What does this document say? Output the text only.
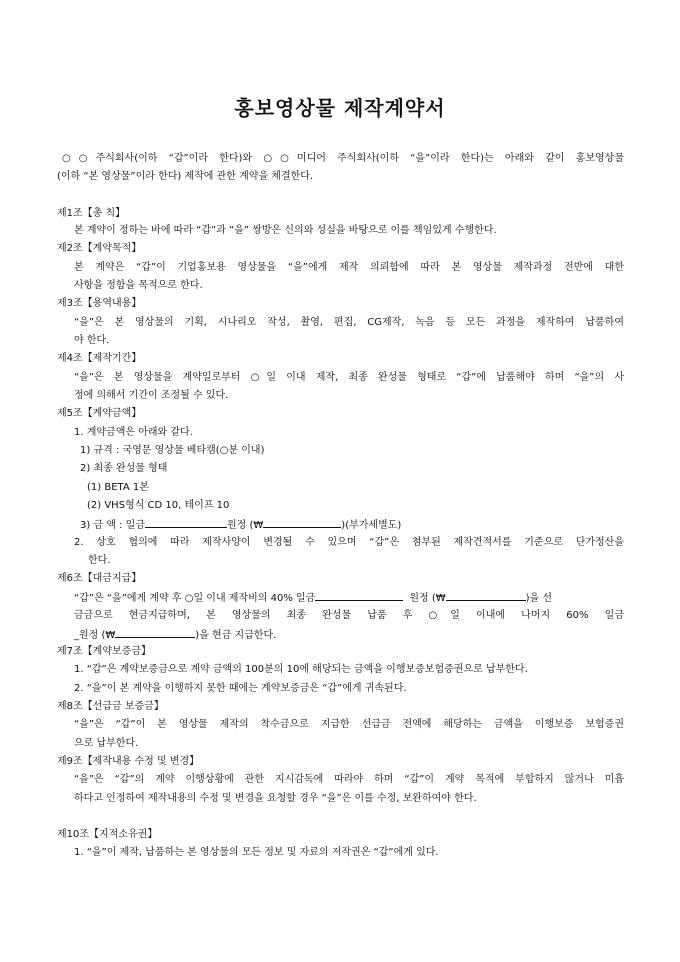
홍보영상물 제작계약서

○○주식회사(이하 “갑”이라 한다)와 ○○미디어 주식회사(이하 “을”이라 한다)는 아래와 같이 홍보영상물

(이하 “본 영상물”이라 한다) 제작에 관한 계약을 체결한다.

제1조【총 칙】

본 계약이 정하는 바에 따라 “갑”과 “을” 쌍방은 신의와 성실을 바탕으로 이를 책임있게 수행한다.

제2조【계약목적】

본 계약은 “갑”이 기업홍보용 영상물을 “을”에게 제작 의뢰함에 따라 본 영상물 제작과정 전반에 대한

사항을 정함을 목적으로 한다.

제3조【용역내용】

“을”은 본 영상물의 기획, 시나리오 작성, 촬영, 편집, CG제작, 녹음 등 모든 과정을 제작하여 납품하여

야 한다.

제4조【제작기간】

“을”은 본 영상물을 계약일로부터 ○일 이내 제작, 최종 완성물 형태로 “갑”에 납품해야 하며 “을”의 사

정에 의해서 기간이 조정될 수 있다.

제5조【계약금액】

1. 계약금액은 아래와 같다.

1) 규격 : 국영문 영상물 베타캠(○분 이내)

2) 최종 완성물 형태

(1) BETA 1본

(2) VHS형식 CD 10, 테이프 10

3) 금 액 : 일금	원정 (₩	)(부가세별도)

2. 상호 협의에 따라 제작사양이 변경될 수 있으며 “갑”은 첨부된 제작견적서를 기준으로 단가정산을

한다.

제6조【대금지급】

“갑”은 “을”에게 계약 후 ○일 이내 제작비의 40% 일금	원정 (₩	)을 선

금금으로 현금지급하며, 본 영상물의 최종 완성물 납품 후 ○일 이내에 나머지 60% 일금

_원정 (₩	)을 현금 지급한다.

제7조【계약보증금】

1. “갑”은 계약보증금으로 계약 금액의 100분의 10에 해당되는 금액을 이행보증보험증권으로 납부한다.

2. “을”이 본 계약을 이행하지 못한 때에는 계약보증금은 “갑”에게 귀속된다.

제8조【선급금 보증금】

“을”은 “갑”이 본 영상물 제작의 착수금으로 지급한 선급금 전액에 해당하는 금액을 이행보증 보험증권

으로 납부한다.

제9조【제작내용 수정 및 변경】

“을”은 “갑”의 계약 이행상황에 관한 지시감독에 따라야 하며 “갑”이 계약 목적에 부합하지 않거나 미흡

하다고 인정하여 제작내용의 수정 및 변경을 요청할 경우 “을”은 이를 수정, 보완하여야 한다.

제10조【지적소유권】

1. “을”이 제작, 납품하는 본 영상물의 모든 정보 및 자료의 저작권은 “갑”에게 있다.
